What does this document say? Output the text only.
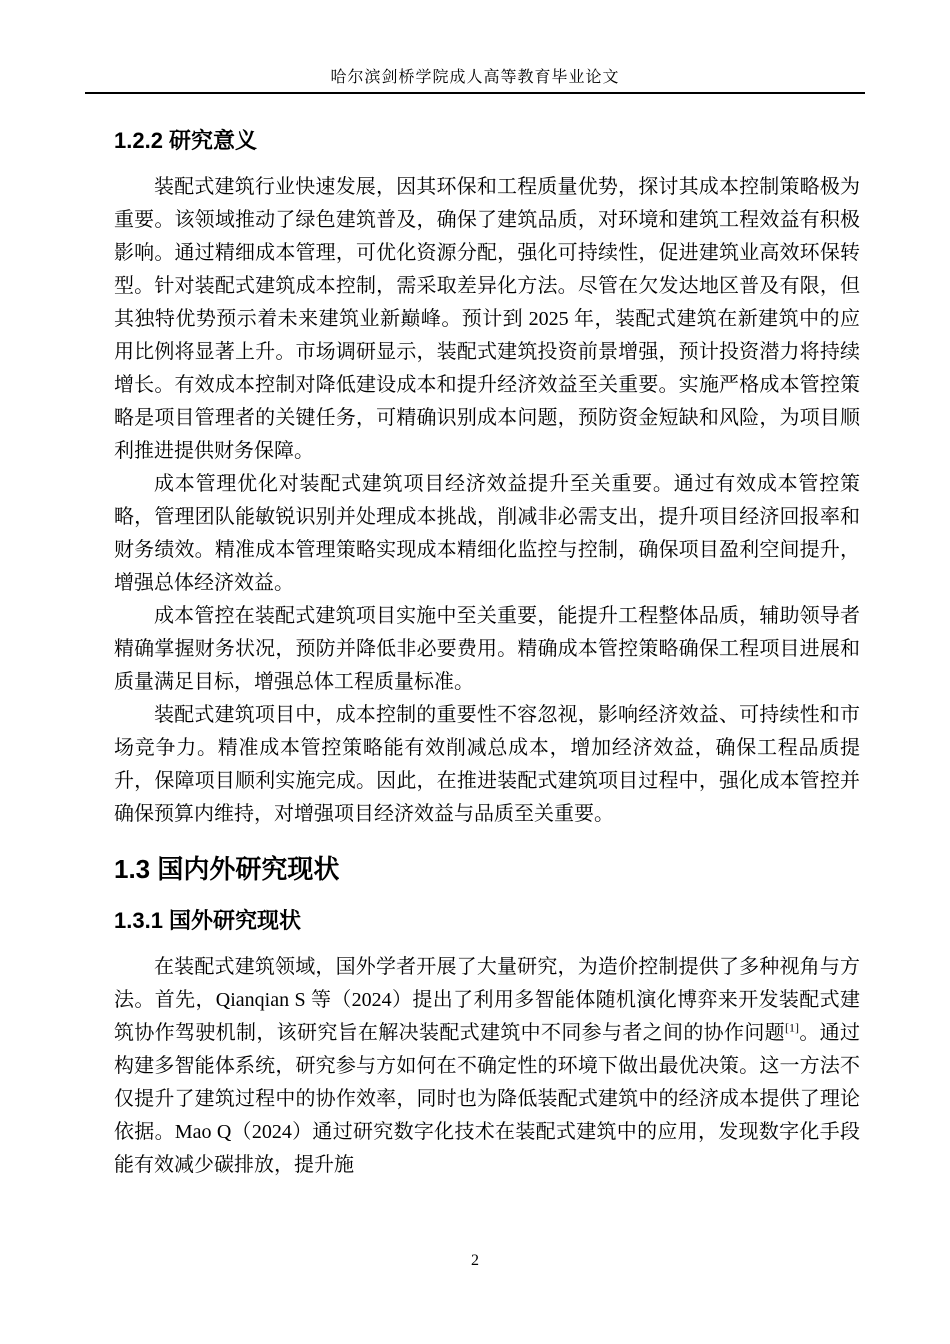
哈尔滨剑桥学院成人高等教育毕业论文
1.2.2 研究意义

装配式建筑行业快速发展，因其环保和工程质量优势，探讨其成本控制策略极为重要。该领域推动了绿色建筑普及，确保了建筑品质，对环境和建筑工程效益有积极影响。通过精细成本管理，可优化资源分配，强化可持续性，促进建筑业高效环保转型。针对装配式建筑成本控制，需采取差异化方法。尽管在欠发达地区普及有限，但其独特优势预示着未来建筑业新巅峰。预计到 2025 年，装配式建筑在新建筑中的应用比例将显著上升。市场调研显示，装配式建筑投资前景增强，预计投资潜力将持续增长。有效成本控制对降低建设成本和提升经济效益至关重要。实施严格成本管控策略是项目管理者的关键任务，可精确识别成本问题，预防资金短缺和风险，为项目顺利推进提供财务保障。

成本管理优化对装配式建筑项目经济效益提升至关重要。通过有效成本管控策略，管理团队能敏锐识别并处理成本挑战，削减非必需支出，提升项目经济回报率和财务绩效。精准成本管理策略实现成本精细化监控与控制，确保项目盈利空间提升，增强总体经济效益。

成本管控在装配式建筑项目实施中至关重要，能提升工程整体品质，辅助领导者精确掌握财务状况，预防并降低非必要费用。精确成本管控策略确保工程项目进展和质量满足目标，增强总体工程质量标准。

装配式建筑项目中，成本控制的重要性不容忽视，影响经济效益、可持续性和市场竞争力。精准成本管控策略能有效削减总成本，增加经济效益，确保工程品质提升，保障项目顺利实施完成。因此，在推进装配式建筑项目过程中，强化成本管控并确保预算内维持，对增强项目经济效益与品质至关重要。

1.3 国内外研究现状
1.3.1 国外研究现状

在装配式建筑领域，国外学者开展了大量研究，为造价控制提供了多种视角与方法。首先，Qianqian S 等（2024）提出了利用多智能体随机演化博弈来开发装配式建筑协作驾驶机制，该研究旨在解决装配式建筑中不同参与者之间的协作问题[1]。通过构建多智能体系统，研究参与方如何在不确定性的环境下做出最优决策。这一方法不仅提升了建筑过程中的协作效率，同时也为降低装配式建筑中的经济成本提供了理论依据。Mao Q（2024）通过研究数字化技术在装配式建筑中的应用，发现数字化手段能有效减少碳排放，提升施

2
